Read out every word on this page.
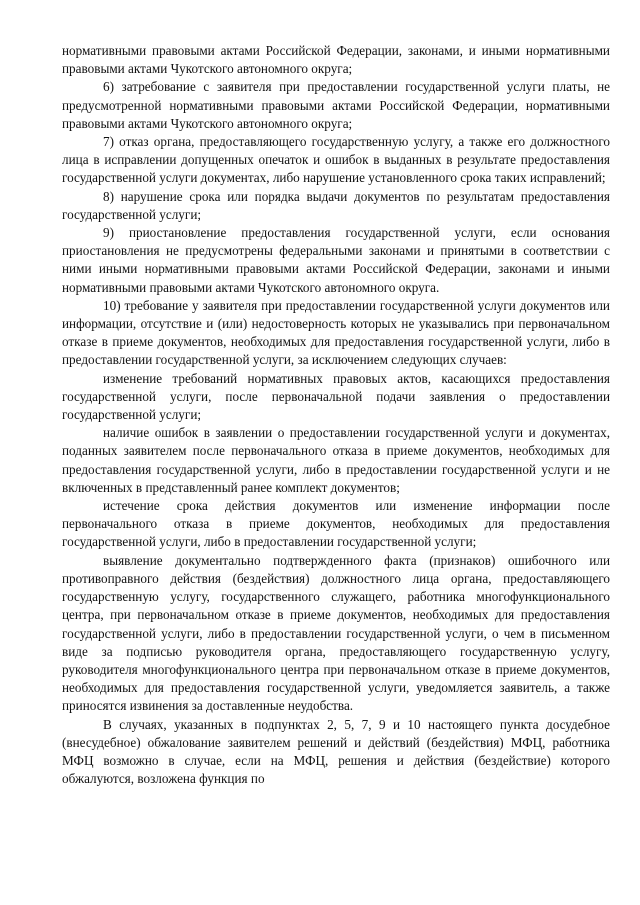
нормативными правовыми актами Российской Федерации, законами, и иными нормативными правовыми актами Чукотского автономного округа;

6) затребование с заявителя при предоставлении государственной услуги платы, не предусмотренной нормативными правовыми актами Российской Федерации, нормативными правовыми актами Чукотского автономного округа;

7) отказ органа, предоставляющего государственную услугу, а также его должностного лица в исправлении допущенных опечаток и ошибок в выданных в результате предоставления государственной услуги документах, либо нарушение установленного срока таких исправлений;

8) нарушение срока или порядка выдачи документов по результатам предоставления государственной услуги;

9) приостановление предоставления государственной услуги, если основания приостановления не предусмотрены федеральными законами и принятыми в соответствии с ними иными нормативными правовыми актами Российской Федерации, законами и иными нормативными правовыми актами Чукотского автономного округа.

10) требование у заявителя при предоставлении государственной услуги документов или информации, отсутствие и (или) недостоверность которых не указывались при первоначальном отказе в приеме документов, необходимых для предоставления государственной услуги, либо в предоставлении государственной услуги, за исключением следующих случаев:

изменение требований нормативных правовых актов, касающихся предоставления государственной услуги, после первоначальной подачи заявления о предоставлении государственной услуги;

наличие ошибок в заявлении о предоставлении государственной услуги и документах, поданных заявителем после первоначального отказа в приеме документов, необходимых для предоставления государственной услуги, либо в предоставлении государственной услуги и не включенных в представленный ранее комплект документов;

истечение срока действия документов или изменение информации после первоначального отказа в приеме документов, необходимых для предоставления государственной услуги, либо в предоставлении государственной услуги;

выявление документально подтвержденного факта (признаков) ошибочного или противоправного действия (бездействия) должностного лица органа, предоставляющего государственную услугу, государственного служащего, работника многофункционального центра, при первоначальном отказе в приеме документов, необходимых для предоставления государственной услуги, либо в предоставлении государственной услуги, о чем в письменном виде за подписью руководителя органа, предоставляющего государственную услугу, руководителя многофункционального центра при первоначальном отказе в приеме документов, необходимых для предоставления государственной услуги, уведомляется заявитель, а также приносятся извинения за доставленные неудобства.

В случаях, указанных в подпунктах 2, 5, 7, 9 и 10 настоящего пункта досудебное (внесудебное) обжалование заявителем решений и действий (бездействия) МФЦ, работника МФЦ возможно в случае, если на МФЦ, решения и действия (бездействие) которого обжалуются, возложена функция по
